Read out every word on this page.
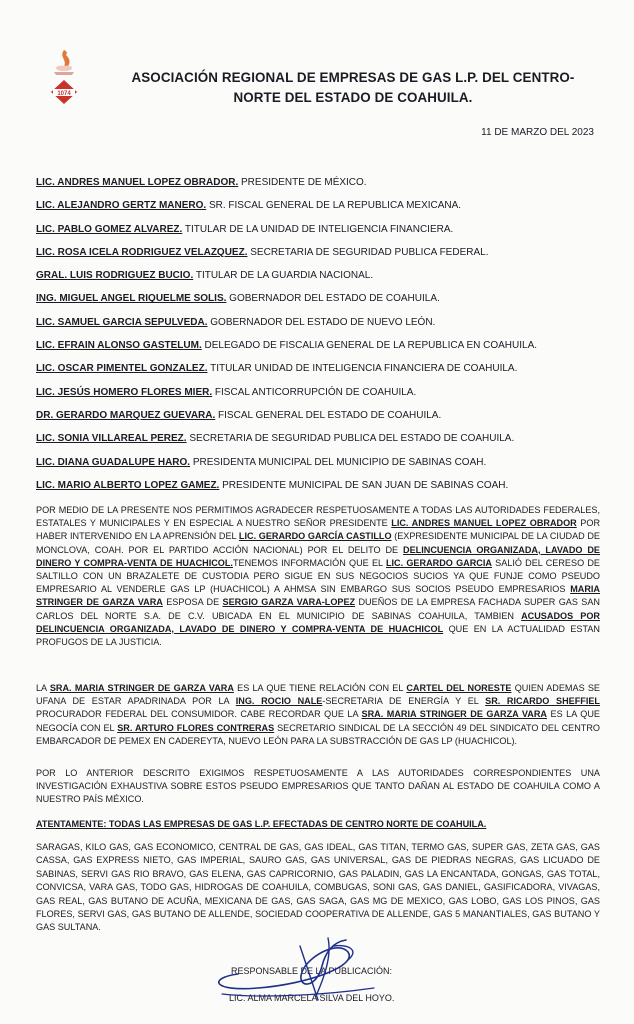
1074
ASOCIACIÓN REGIONAL DE EMPRESAS DE GAS L.P. DEL CENTRO-
NORTE DEL ESTADO DE COAHUILA.
11 DE MARZO DEL 2023
LIC. ANDRES MANUEL LOPEZ OBRADOR. PRESIDENTE DE MÉXICO.
LIC. ALEJANDRO GERTZ MANERO. SR. FISCAL GENERAL DE LA REPUBLICA MEXICANA.
LIC. PABLO GOMEZ ALVAREZ. TITULAR DE LA UNIDAD DE INTELIGENCIA FINANCIERA.
LIC. ROSA ICELA RODRIGUEZ VELAZQUEZ. SECRETARIA DE SEGURIDAD PUBLICA FEDERAL.
GRAL. LUIS RODRIGUEZ BUCIO. TITULAR DE LA GUARDIA NACIONAL.
ING. MIGUEL ANGEL RIQUELME SOLIS. GOBERNADOR DEL ESTADO DE COAHUILA.
LIC. SAMUEL GARCIA SEPULVEDA. GOBERNADOR DEL ESTADO DE NUEVO LEÓN.
LIC. EFRAIN ALONSO GASTELUM. DELEGADO DE FISCALIA GENERAL DE LA REPUBLICA EN COAHUILA.
LIC. OSCAR PIMENTEL GONZALEZ. TITULAR UNIDAD DE INTELIGENCIA FINANCIERA DE COAHUILA.
LIC. JESÚS HOMERO FLORES MIER. FISCAL ANTICORRUPCIÓN DE COAHUILA.
DR. GERARDO MARQUEZ GUEVARA. FISCAL GENERAL DEL ESTADO DE COAHUILA.
LIC. SONIA VILLAREAL PEREZ. SECRETARIA DE SEGURIDAD PUBLICA DEL ESTADO DE COAHUILA.
LIC. DIANA GUADALUPE HARO. PRESIDENTA MUNICIPAL DEL MUNICIPIO DE SABINAS COAH.
LIC. MARIO ALBERTO LOPEZ GAMEZ. PRESIDENTE MUNICIPAL DE SAN JUAN DE SABINAS COAH.
POR MEDIO DE LA PRESENTE NOS PERMITIMOS AGRADECER RESPETUOSAMENTE A TODAS LAS AUTORIDADES FEDERALES, ESTATALES Y MUNICIPALES Y EN ESPECIAL A NUESTRO SEÑOR PRESIDENTE LIC. ANDRES MANUEL LOPEZ OBRADOR POR HABER INTERVENIDO EN LA APRENSIÓN DEL LIC. GERARDO GARCÍA CASTILLO (EXPRESIDENTE MUNICIPAL DE LA CIUDAD DE MONCLOVA, COAH. POR EL PARTIDO ACCIÓN NACIONAL) POR EL DELITO DE DELINCUENCIA ORGANIZADA, LAVADO DE DINERO Y COMPRA-VENTA DE HUACHICOL.TENEMOS INFORMACIÓN QUE EL LIC. GERARDO GARCIA SALIÓ DEL CERESO DE SALTILLO CON UN BRAZALETE DE CUSTODIA PERO SIGUE EN SUS NEGOCIOS SUCIOS YA QUE FUNJE COMO PSEUDO EMPRESARIO AL VENDERLE GAS LP (HUACHICOL) A AHMSA SIN EMBARGO SUS SOCIOS PSEUDO EMPRESARIOS MARIA STRINGER DE GARZA VARA ESPOSA DE SERGIO GARZA VARA-LOPEZ DUEÑOS DE LA EMPRESA FACHADA SUPER GAS SAN CARLOS DEL NORTE S.A. DE C.V. UBICADA EN EL MUNICIPIO DE SABINAS COAHUILA, TAMBIEN ACUSADOS POR DELINCUENCIA ORGANIZADA, LAVADO DE DINERO Y COMPRA-VENTA DE HUACHICOL QUE EN LA ACTUALIDAD ESTAN PROFUGOS DE LA JUSTICIA.
LA SRA. MARIA STRINGER DE GARZA VARA ES LA QUE TIENE RELACIÓN CON EL CARTEL DEL NORESTE QUIEN ADEMAS SE UFANA DE ESTAR APADRINADA POR LA ING. ROCIO NALE-SECRETARIA DE ENERGÍA Y EL SR. RICARDO SHEFFIEL PROCURADOR FEDERAL DEL CONSUMIDOR. CABE RECORDAR QUE LA SRA. MARIA STRINGER DE GARZA VARA ES LA QUE NEGOCÍA CON EL SR. ARTURO FLORES CONTRERAS SECRETARIO SINDICAL DE LA SECCIÓN 49 DEL SINDICATO DEL CENTRO EMBARCADOR DE PEMEX EN CADEREYTA, NUEVO LEÓN PARA LA SUBSTRACCIÓN DE GAS LP (HUACHICOL).
POR LO ANTERIOR DESCRITO EXIGIMOS RESPETUOSAMENTE A LAS AUTORIDADES CORRESPONDIENTES UNA INVESTIGACIÓN EXHAUSTIVA SOBRE ESTOS PSEUDO EMPRESARIOS QUE TANTO DAÑAN AL ESTADO DE COAHUILA COMO A NUESTRO PAÍS MÉXICO.
ATENTAMENTE: TODAS LAS EMPRESAS DE GAS L.P. EFECTADAS DE CENTRO NORTE DE COAHUILA.
SARAGAS, KILO GAS, GAS ECONOMICO, CENTRAL DE GAS, GAS IDEAL, GAS TITAN, TERMO GAS, SUPER GAS, ZETA GAS, GAS CASSA, GAS EXPRESS NIETO, GAS IMPERIAL, SAURO GAS, GAS UNIVERSAL, GAS DE PIEDRAS NEGRAS, GAS LICUADO DE SABINAS, SERVI GAS RIO BRAVO, GAS ELENA, GAS CAPRICORNIO, GAS PALADIN, GAS LA ENCANTADA, GONGAS, GAS TOTAL, CONVICSA, VARA GAS, TODO GAS, HIDROGAS DE COAHUILA, COMBUGAS, SONI GAS, GAS DANIEL, GASIFICADORA, VIVAGAS, GAS REAL, GAS BUTANO DE ACUÑA, MEXICANA DE GAS, GAS SAGA, GAS MG DE MEXICO, GAS LOBO, GAS LOS PINOS, GAS FLORES, SERVI GAS, GAS BUTANO DE ALLENDE, SOCIEDAD COOPERATIVA DE ALLENDE, GAS 5 MANANTIALES, GAS BUTANO Y GAS SULTANA.
RESPONSABLE DE LA PUBLICACIÓN:
LIC. ALMA MARCELA SILVA DEL HOYO.
